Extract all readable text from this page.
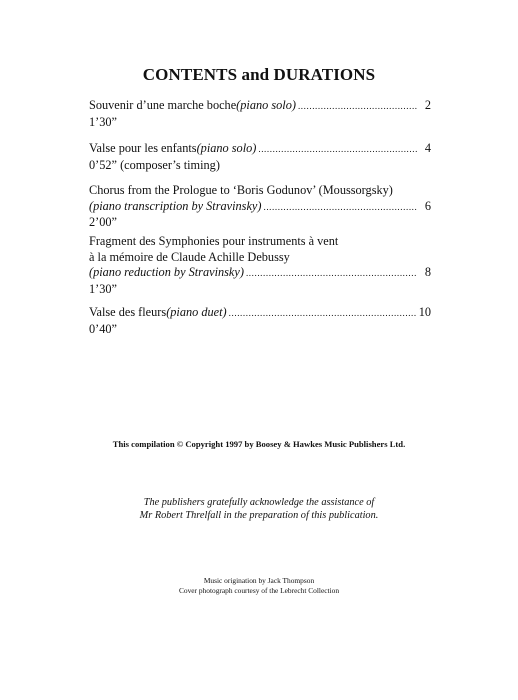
CONTENTS and DURATIONS
Souvenir d’une marche boche (piano solo) .....	2
1’30”
Valse pour les enfants (piano solo) .....	4
0’52” (composer’s timing)
Chorus from the Prologue to ‘Boris Godunov’ (Moussorgsky)
(piano transcription by Stravinsky) .....	6
2’00”
Fragment des Symphonies pour instruments à vent
à la mémoire de Claude Achille Debussy
(piano reduction by Stravinsky) .....	8
1’30”
Valse des fleurs (piano duet) .....	10
0’40”
This compilation © Copyright 1997 by Boosey & Hawkes Music Publishers Ltd.
The publishers gratefully acknowledge the assistance of
Mr Robert Threlfall in the preparation of this publication.
Music origination by Jack Thompson
Cover photograph courtesy of the Lebrecht Collection
